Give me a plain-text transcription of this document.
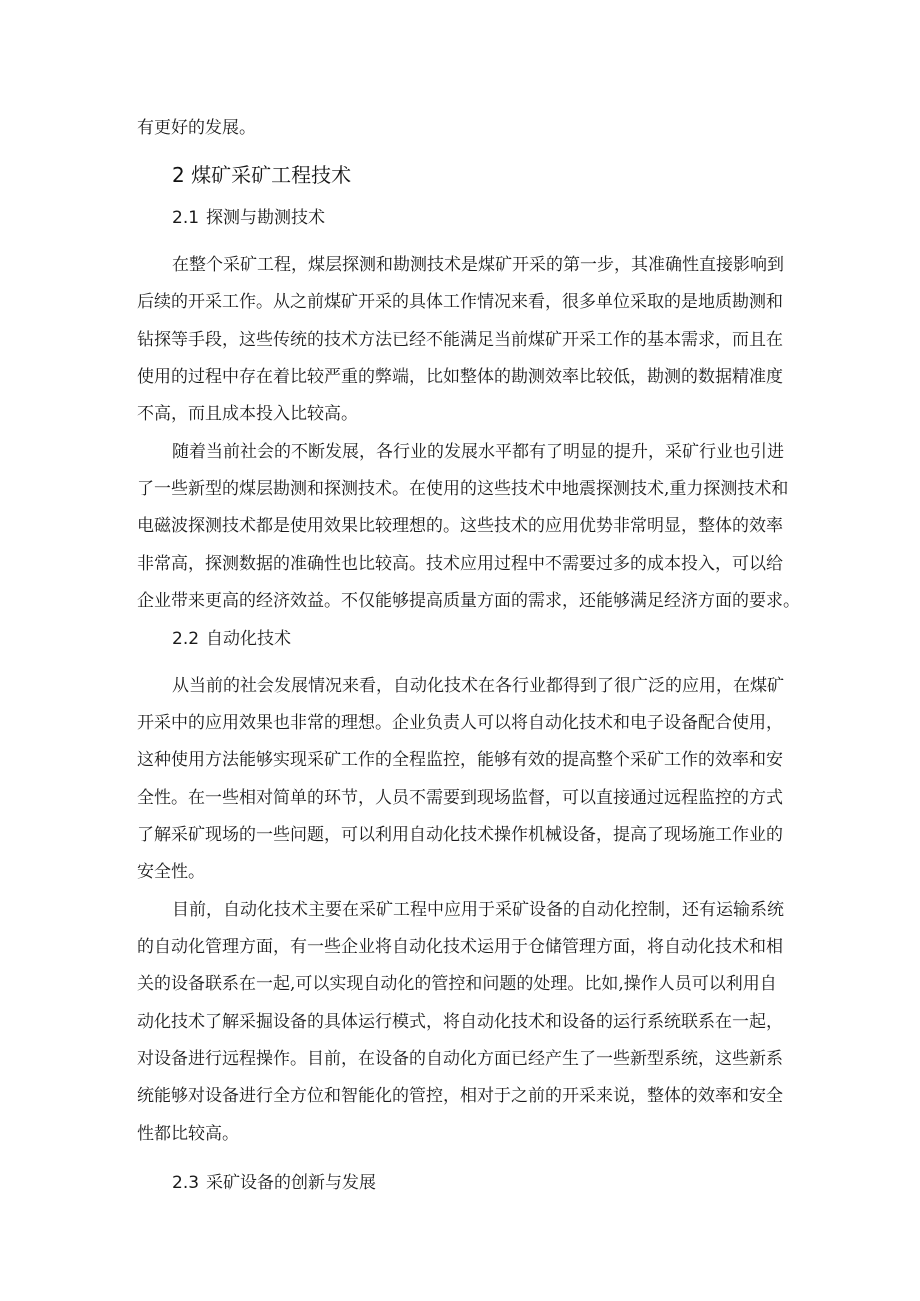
有更好的发展。
2 煤矿采矿工程技术
2.1 探测与勘测技术
在整个采矿工程，煤层探测和勘测技术是煤矿开采的第一步，其准确性直接影响到
后续的开采工作。从之前煤矿开采的具体工作情况来看，很多单位采取的是地质勘测和
钻探等手段，这些传统的技术方法已经不能满足当前煤矿开采工作的基本需求，而且在
使用的过程中存在着比较严重的弊端，比如整体的勘测效率比较低，勘测的数据精准度
不高，而且成本投入比较高。
随着当前社会的不断发展，各行业的发展水平都有了明显的提升，采矿行业也引进
了一些新型的煤层勘测和探测技术。在使用的这些技术中地震探测技术,重力探测技术和
电磁波探测技术都是使用效果比较理想的。这些技术的应用优势非常明显，整体的效率
非常高，探测数据的准确性也比较高。技术应用过程中不需要过多的成本投入，可以给
企业带来更高的经济效益。不仅能够提高质量方面的需求，还能够满足经济方面的要求。
2.2 自动化技术
从当前的社会发展情况来看，自动化技术在各行业都得到了很广泛的应用，在煤矿
开采中的应用效果也非常的理想。企业负责人可以将自动化技术和电子设备配合使用，
这种使用方法能够实现采矿工作的全程监控，能够有效的提高整个采矿工作的效率和安
全性。在一些相对简单的环节，人员不需要到现场监督，可以直接通过远程监控的方式
了解采矿现场的一些问题，可以利用自动化技术操作机械设备，提高了现场施工作业的
安全性。
目前，自动化技术主要在采矿工程中应用于采矿设备的自动化控制，还有运输系统
的自动化管理方面，有一些企业将自动化技术运用于仓储管理方面，将自动化技术和相
关的设备联系在一起,可以实现自动化的管控和问题的处理。比如,操作人员可以利用自
动化技术了解采掘设备的具体运行模式，将自动化技术和设备的运行系统联系在一起，
对设备进行远程操作。目前，在设备的自动化方面已经产生了一些新型系统，这些新系
统能够对设备进行全方位和智能化的管控，相对于之前的开采来说，整体的效率和安全
性都比较高。
2.3 采矿设备的创新与发展
